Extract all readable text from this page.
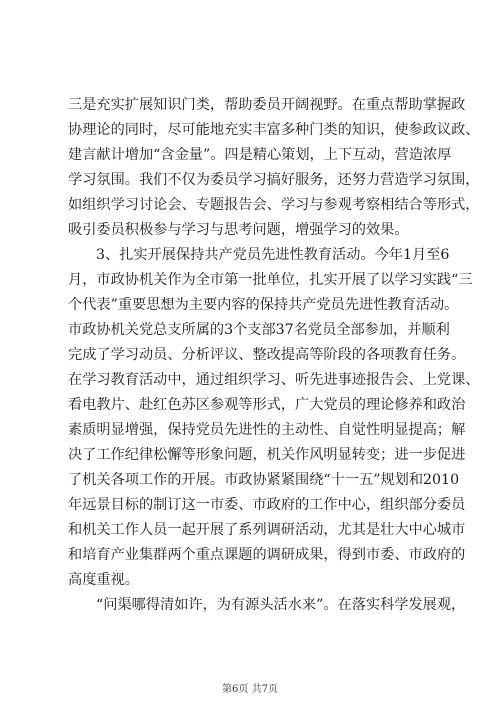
三是充实扩展知识门类，帮助委员开阔视野。在重点帮助掌握政
协理论的同时，尽可能地充实丰富多种门类的知识，使参政议政、
建言献计增加“含金量”。四是精心策划，上下互动，营造浓厚
学习氛围。我们不仅为委员学习搞好服务，还努力营造学习氛围，
如组织学习讨论会、专题报告会、学习与参观考察相结合等形式，
吸引委员积极参与学习与思考问题，增强学习的效果。
3、扎实开展保持共产党员先进性教育活动。今年1月至6
月，市政协机关作为全市第一批单位，扎实开展了以学习实践“三
个代表”重要思想为主要内容的保持共产党员先进性教育活动。
市政协机关党总支所属的3个支部37名党员全部参加，并顺利
完成了学习动员、分析评议、整改提高等阶段的各项教育任务。
在学习教育活动中，通过组织学习、听先进事迹报告会、上党课、
看电教片、赴红色苏区参观等形式，广大党员的理论修养和政治
素质明显增强，保持党员先进性的主动性、自觉性明显提高；解
决了工作纪律松懈等形象问题，机关作风明显转变；进一步促进
了机关各项工作的开展。市政协紧紧围绕“十一五”规划和2010
年远景目标的制订这一市委、市政府的工作中心，组织部分委员
和机关工作人员一起开展了系列调研活动，尤其是壮大中心城市
和培育产业集群两个重点课题的调研成果，得到市委、市政府的
高度重视。
“问渠哪得清如许，为有源头活水来”。在落实科学发展观，
第6页 共7页
